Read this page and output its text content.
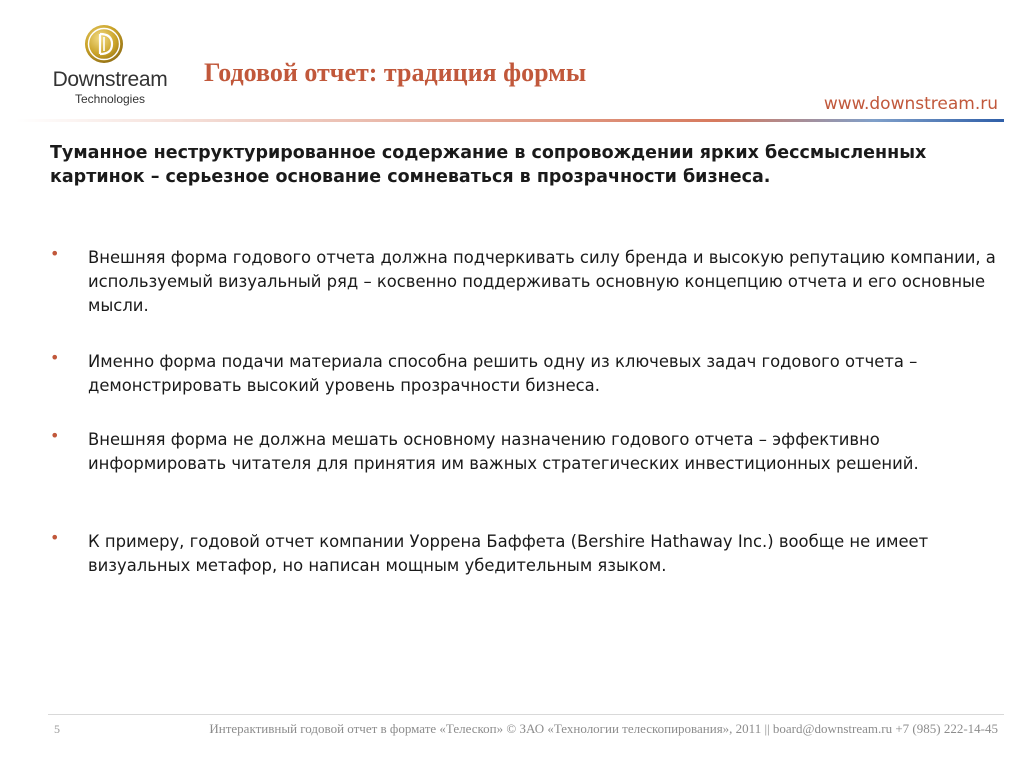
Downstream
Technologies
Годовой отчет: традиция формы
www.downstream.ru

Туманное неструктурированное содержание в сопровождении ярких бессмысленных картинок – серьезное основание сомневаться в прозрачности бизнеса.

• Внешняя форма годового отчета должна подчеркивать силу бренда и высокую репутацию компании, а используемый визуальный ряд – косвенно поддерживать основную концепцию отчета и его основные мысли.
• Именно форма подачи материала способна решить одну из ключевых задач годового отчета – демонстрировать высокий уровень прозрачности бизнеса.
• Внешняя форма не должна мешать основному назначению годового отчета – эффективно информировать читателя для принятия им важных стратегических инвестиционных решений.
• К примеру, годовой отчет компании Уоррена Баффета (Bershire Hathaway Inc.) вообще не имеет визуальных метафор, но написан мощным убедительным языком.
5	Интерактивный годовой отчет в формате «Телескоп» © ЗАО «Технологии телескопирования», 2011 || board@downstream.ru +7 (985) 222-14-45
